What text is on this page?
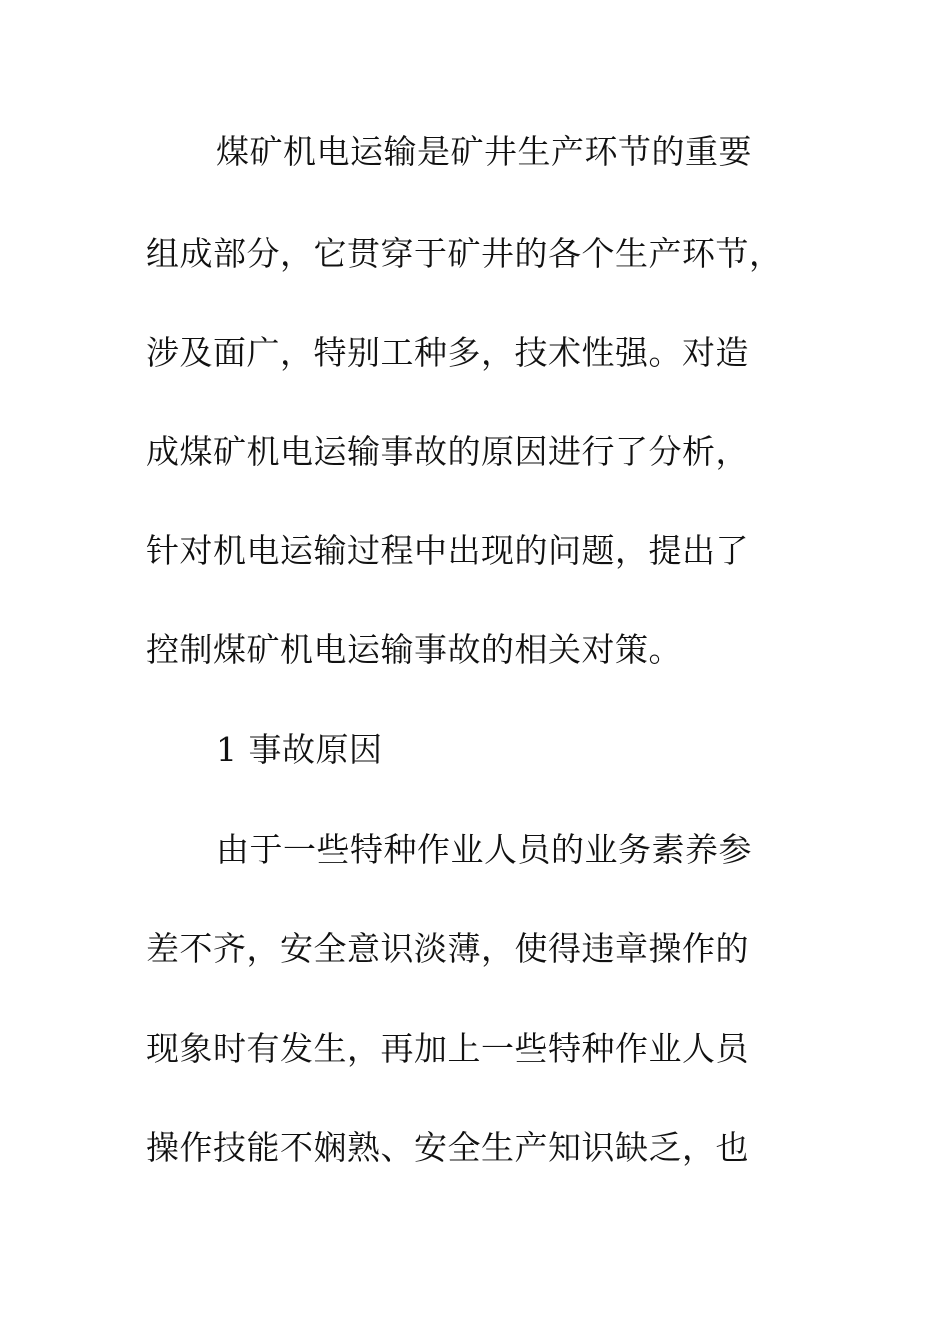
煤矿机电运输是矿井生产环节的重要
组成部分，它贯穿于矿井的各个生产环节，
涉及面广，特别工种多，技术性强。对造
成煤矿机电运输事故的原因进行了分析，
针对机电运输过程中出现的问题，提出了
控制煤矿机电运输事故的相关对策。
1 事故原因
由于一些特种作业人员的业务素养参
差不齐，安全意识淡薄，使得违章操作的
现象时有发生，再加上一些特种作业人员
操作技能不娴熟、安全生产知识缺乏，也
